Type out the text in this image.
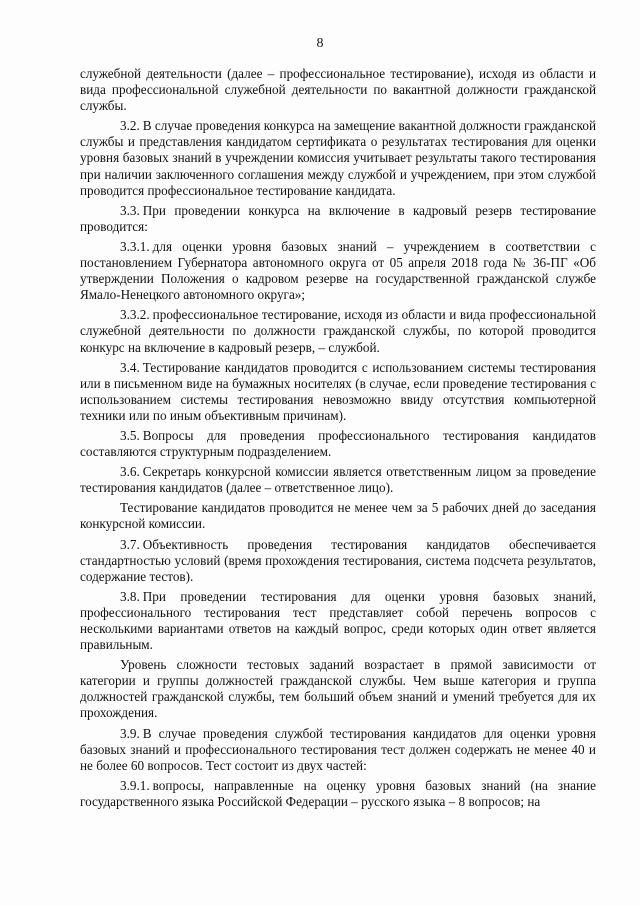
8

служебной деятельности (далее – профессиональное тестирование), исходя из области и вида профессиональной служебной деятельности по вакантной должности гражданской службы.

3.2. В случае проведения конкурса на замещение вакантной должности гражданской службы и представления кандидатом сертификата о результатах тестирования для оценки уровня базовых знаний в учреждении комиссия учитывает результаты такого тестирования при наличии заключенного соглашения между службой и учреждением, при этом службой проводится профессиональное тестирование кандидата.

3.3. При проведении конкурса на включение в кадровый резерв тестирование проводится:

3.3.1. для оценки уровня базовых знаний – учреждением в соответствии с постановлением Губернатора автономного округа от 05 апреля 2018 года № 36-ПГ «Об утверждении Положения о кадровом резерве на государственной гражданской службе Ямало-Ненецкого автономного округа»;

3.3.2. профессиональное тестирование, исходя из области и вида профессиональной служебной деятельности по должности гражданской службы, по которой проводится конкурс на включение в кадровый резерв, – службой.

3.4. Тестирование кандидатов проводится с использованием системы тестирования или в письменном виде на бумажных носителях (в случае, если проведение тестирования с использованием системы тестирования невозможно ввиду отсутствия компьютерной техники или по иным объективным причинам).

3.5. Вопросы для проведения профессионального тестирования кандидатов составляются структурным подразделением.

3.6. Секретарь конкурсной комиссии является ответственным лицом за проведение тестирования кандидатов (далее – ответственное лицо).

Тестирование кандидатов проводится не менее чем за 5 рабочих дней до заседания конкурсной комиссии.

3.7. Объективность проведения тестирования кандидатов обеспечивается стандартностью условий (время прохождения тестирования, система подсчета результатов, содержание тестов).

3.8. При проведении тестирования для оценки уровня базовых знаний, профессионального тестирования тест представляет собой перечень вопросов с несколькими вариантами ответов на каждый вопрос, среди которых один ответ является правильным.

Уровень сложности тестовых заданий возрастает в прямой зависимости от категории и группы должностей гражданской службы. Чем выше категория и группа должностей гражданской службы, тем больший объем знаний и умений требуется для их прохождения.

3.9. В случае проведения службой тестирования кандидатов для оценки уровня базовых знаний и профессионального тестирования тест должен содержать не менее 40 и не более 60 вопросов. Тест состоит из двух частей:

3.9.1. вопросы, направленные на оценку уровня базовых знаний (на знание государственного языка Российской Федерации – русского языка – 8 вопросов; на
